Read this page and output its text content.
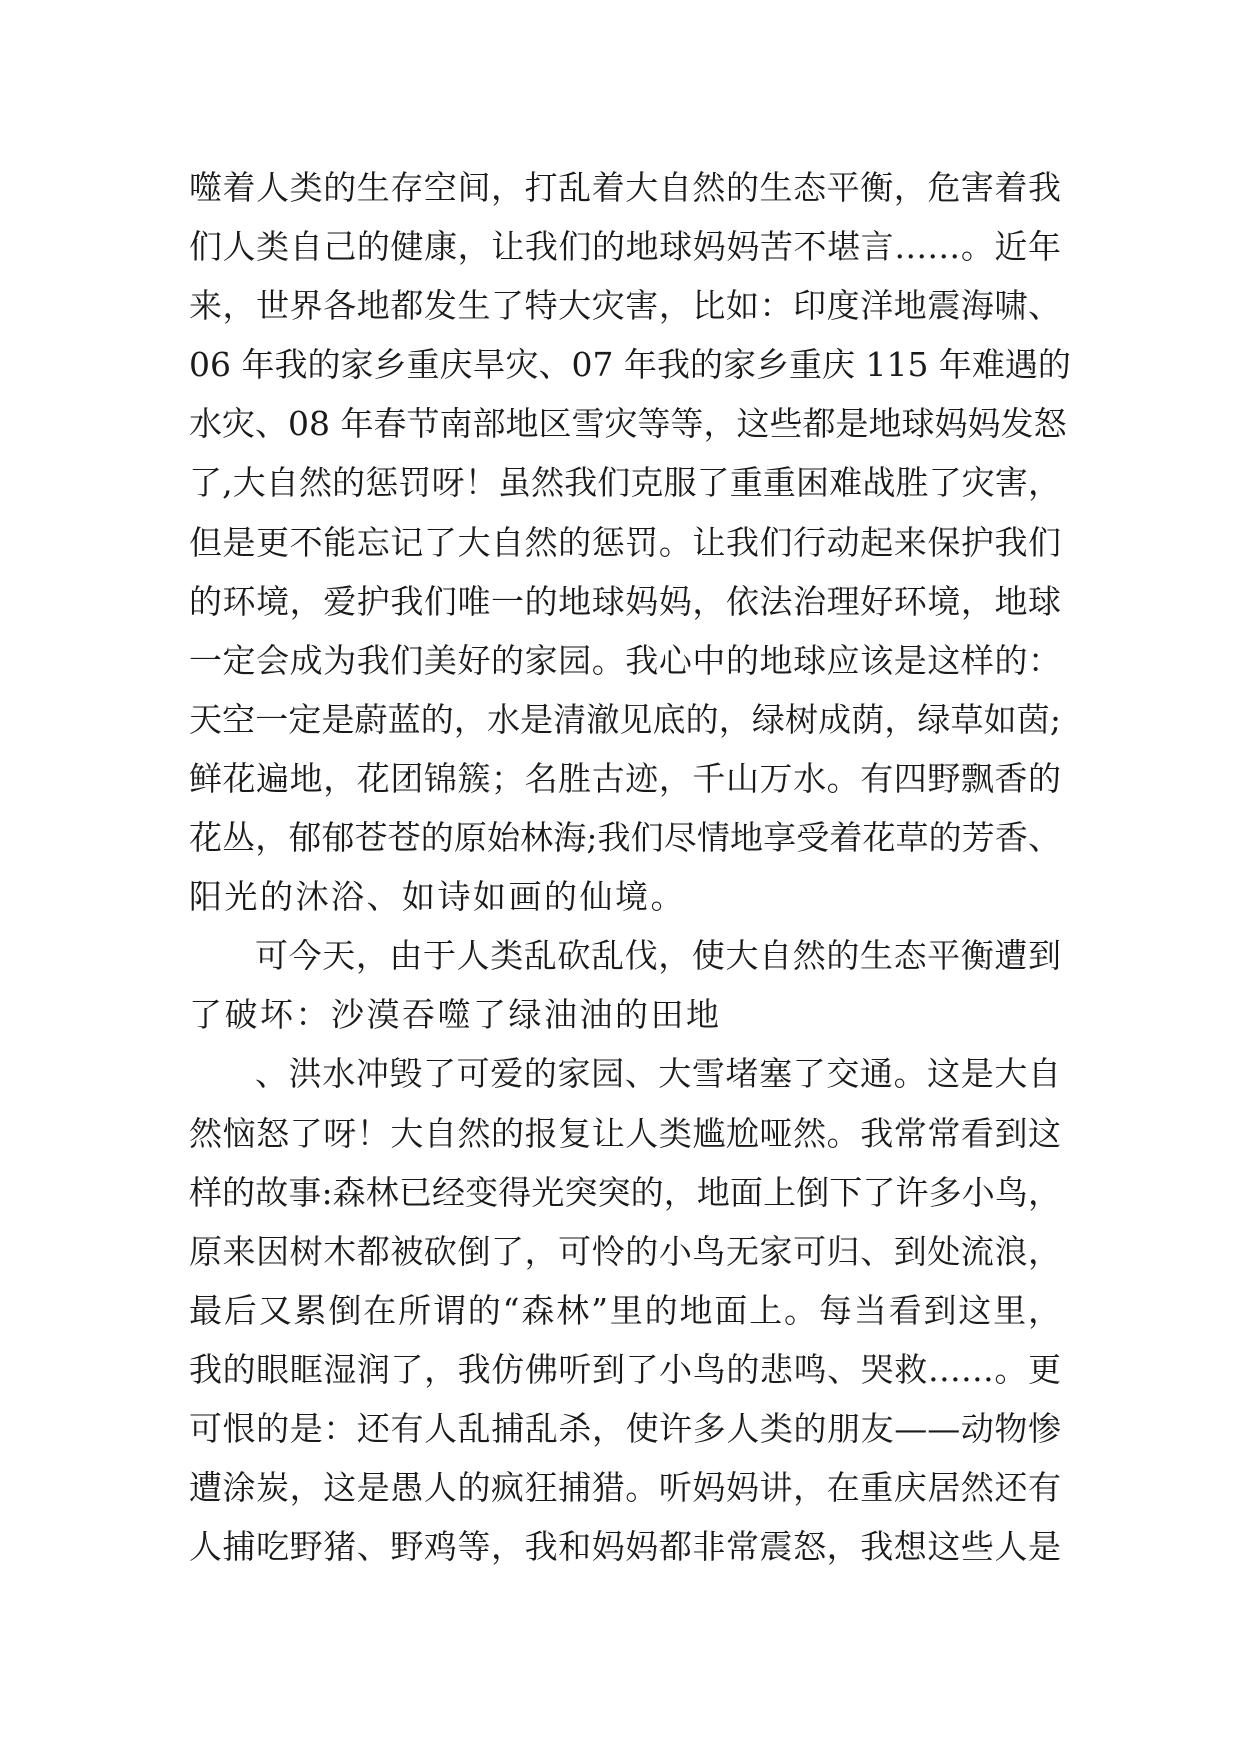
噬着人类的生存空间，打乱着大自然的生态平衡，危害着我
们人类自己的健康，让我们的地球妈妈苦不堪言……。近年
来，世界各地都发生了特大灾害，比如：印度洋地震海啸、
06 年我的家乡重庆旱灾、07 年我的家乡重庆 115 年难遇的
水灾、08 年春节南部地区雪灾等等，这些都是地球妈妈发怒
了,大自然的惩罚呀！虽然我们克服了重重困难战胜了灾害，
但是更不能忘记了大自然的惩罚。让我们行动起来保护我们
的环境，爱护我们唯一的地球妈妈，依法治理好环境，地球
一定会成为我们美好的家园。我心中的地球应该是这样的：
天空一定是蔚蓝的，水是清澈见底的，绿树成荫，绿草如茵;
鲜花遍地，花团锦簇；名胜古迹，千山万水。有四野飘香的
花丛，郁郁苍苍的原始林海;我们尽情地享受着花草的芳香、
阳光的沐浴、如诗如画的仙境。
可今天，由于人类乱砍乱伐，使大自然的生态平衡遭到
了破坏：沙漠吞噬了绿油油的田地
、洪水冲毁了可爱的家园、大雪堵塞了交通。这是大自
然恼怒了呀！大自然的报复让人类尴尬哑然。我常常看到这
样的故事:森林已经变得光突突的，地面上倒下了许多小鸟，
原来因树木都被砍倒了，可怜的小鸟无家可归、到处流浪，
最后又累倒在所谓的“森林”里的地面上。每当看到这里，
我的眼眶湿润了，我仿佛听到了小鸟的悲鸣、哭救……。更
可恨的是：还有人乱捕乱杀，使许多人类的朋友——动物惨
遭涂炭，这是愚人的疯狂捕猎。听妈妈讲，在重庆居然还有
人捕吃野猪、野鸡等，我和妈妈都非常震怒，我想这些人是
